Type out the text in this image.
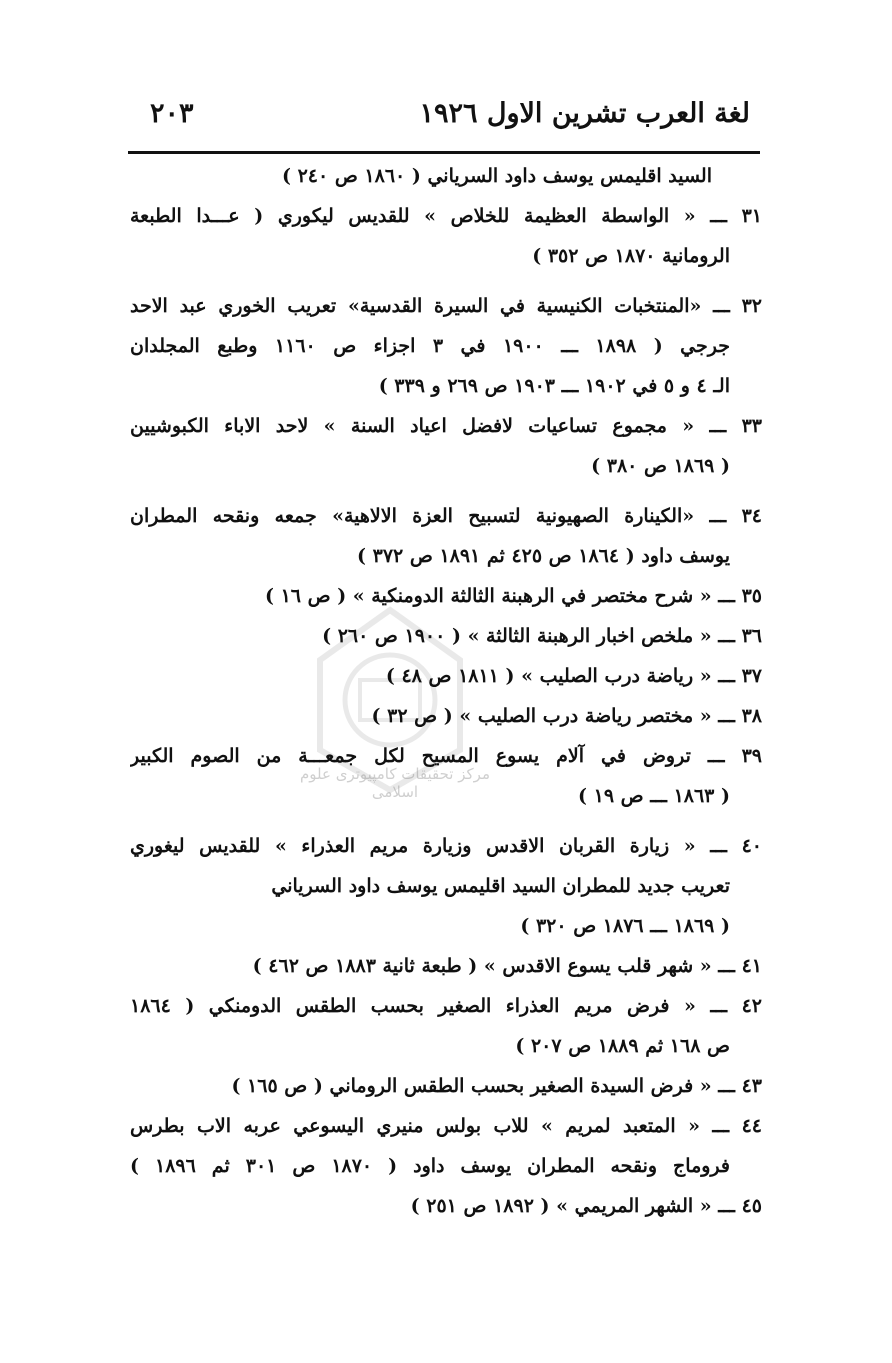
لغة العرب تشرين الاول ١٩٢٦
٢٠٣
مركز تحقيقات کامپیوتری علوم اسلامی
السيد اقليمس يوسف داود السرياني ( ١٨٦٠ ص ٢٤٠ )
٣١ ـــ « الواسطة العظيمة للخلاص » للقديس ليكوري ( عـــدا الطبعة
الرومانية ١٨٧٠ ص ٣٥٢ )
٣٢ ـــ «المنتخبات الكنيسية في السيرة القدسية» تعريب الخوري عبد الاحد
جرجي ( ١٨٩٨ ـــ ١٩٠٠ في ٣ اجزاء ص ١١٦٠ وطبع المجلدان
الـ ٤ و ٥ في ١٩٠٢ ـــ ١٩٠٣ ص ٢٦٩ و ٣٣٩ )
٣٣ ـــ « مجموع تساعيات لافضل اعياد السنة » لاحد الاباء الكبوشيين
( ١٨٦٩ ص ٣٨٠ )
٣٤ ـــ «الكينارة الصهيونية لتسبيح العزة الالاهية» جمعه ونقحه المطران
يوسف داود ( ١٨٦٤ ص ٤٢٥ ثم ١٨٩١ ص ٣٧٢ )
٣٥ ـــ « شرح مختصر في الرهبنة الثالثة الدومنكية » ( ص ١٦ )
٣٦ ـــ « ملخص اخبار الرهبنة الثالثة » ( ١٩٠٠ ص ٢٦٠ )
٣٧ ـــ « رياضة درب الصليب » ( ١٨١١ ص ٤٨ )
٣٨ ـــ « مختصر رياضة درب الصليب » ( ص ٣٢ )
٣٩ ـــ تروض في آلام يسوع المسيح لكل جمعـــة من الصوم الكبير
( ١٨٦٣ ـــ ص ١٩ )
٤٠ ـــ « زيارة القربان الاقدس وزيارة مريم العذراء » للقديس ليغوري
تعريب جديد للمطران السيد اقليمس يوسف داود السرياني
( ١٨٦٩ ـــ ١٨٧٦ ص ٣٢٠ )
٤١ ـــ « شهر قلب يسوع الاقدس » ( طبعة ثانية ١٨٨٣ ص ٤٦٢ )
٤٢ ـــ « فرض مريم العذراء الصغير بحسب الطقس الدومنكي ( ١٨٦٤
ص ١٦٨ ثم ١٨٨٩ ص ٢٠٧ )
٤٣ ـــ « فرض السيدة الصغير بحسب الطقس الروماني ( ص ١٦٥ )
٤٤ ـــ « المتعبد لمريم » للاب بولس منيري اليسوعي عربه الاب بطرس
فروماج ونقحه المطران يوسف داود ( ١٨٧٠ ص ٣٠١ ثم ١٨٩٦ )
٤٥ ـــ « الشهر المريمي » ( ١٨٩٢ ص ٢٥١ )
